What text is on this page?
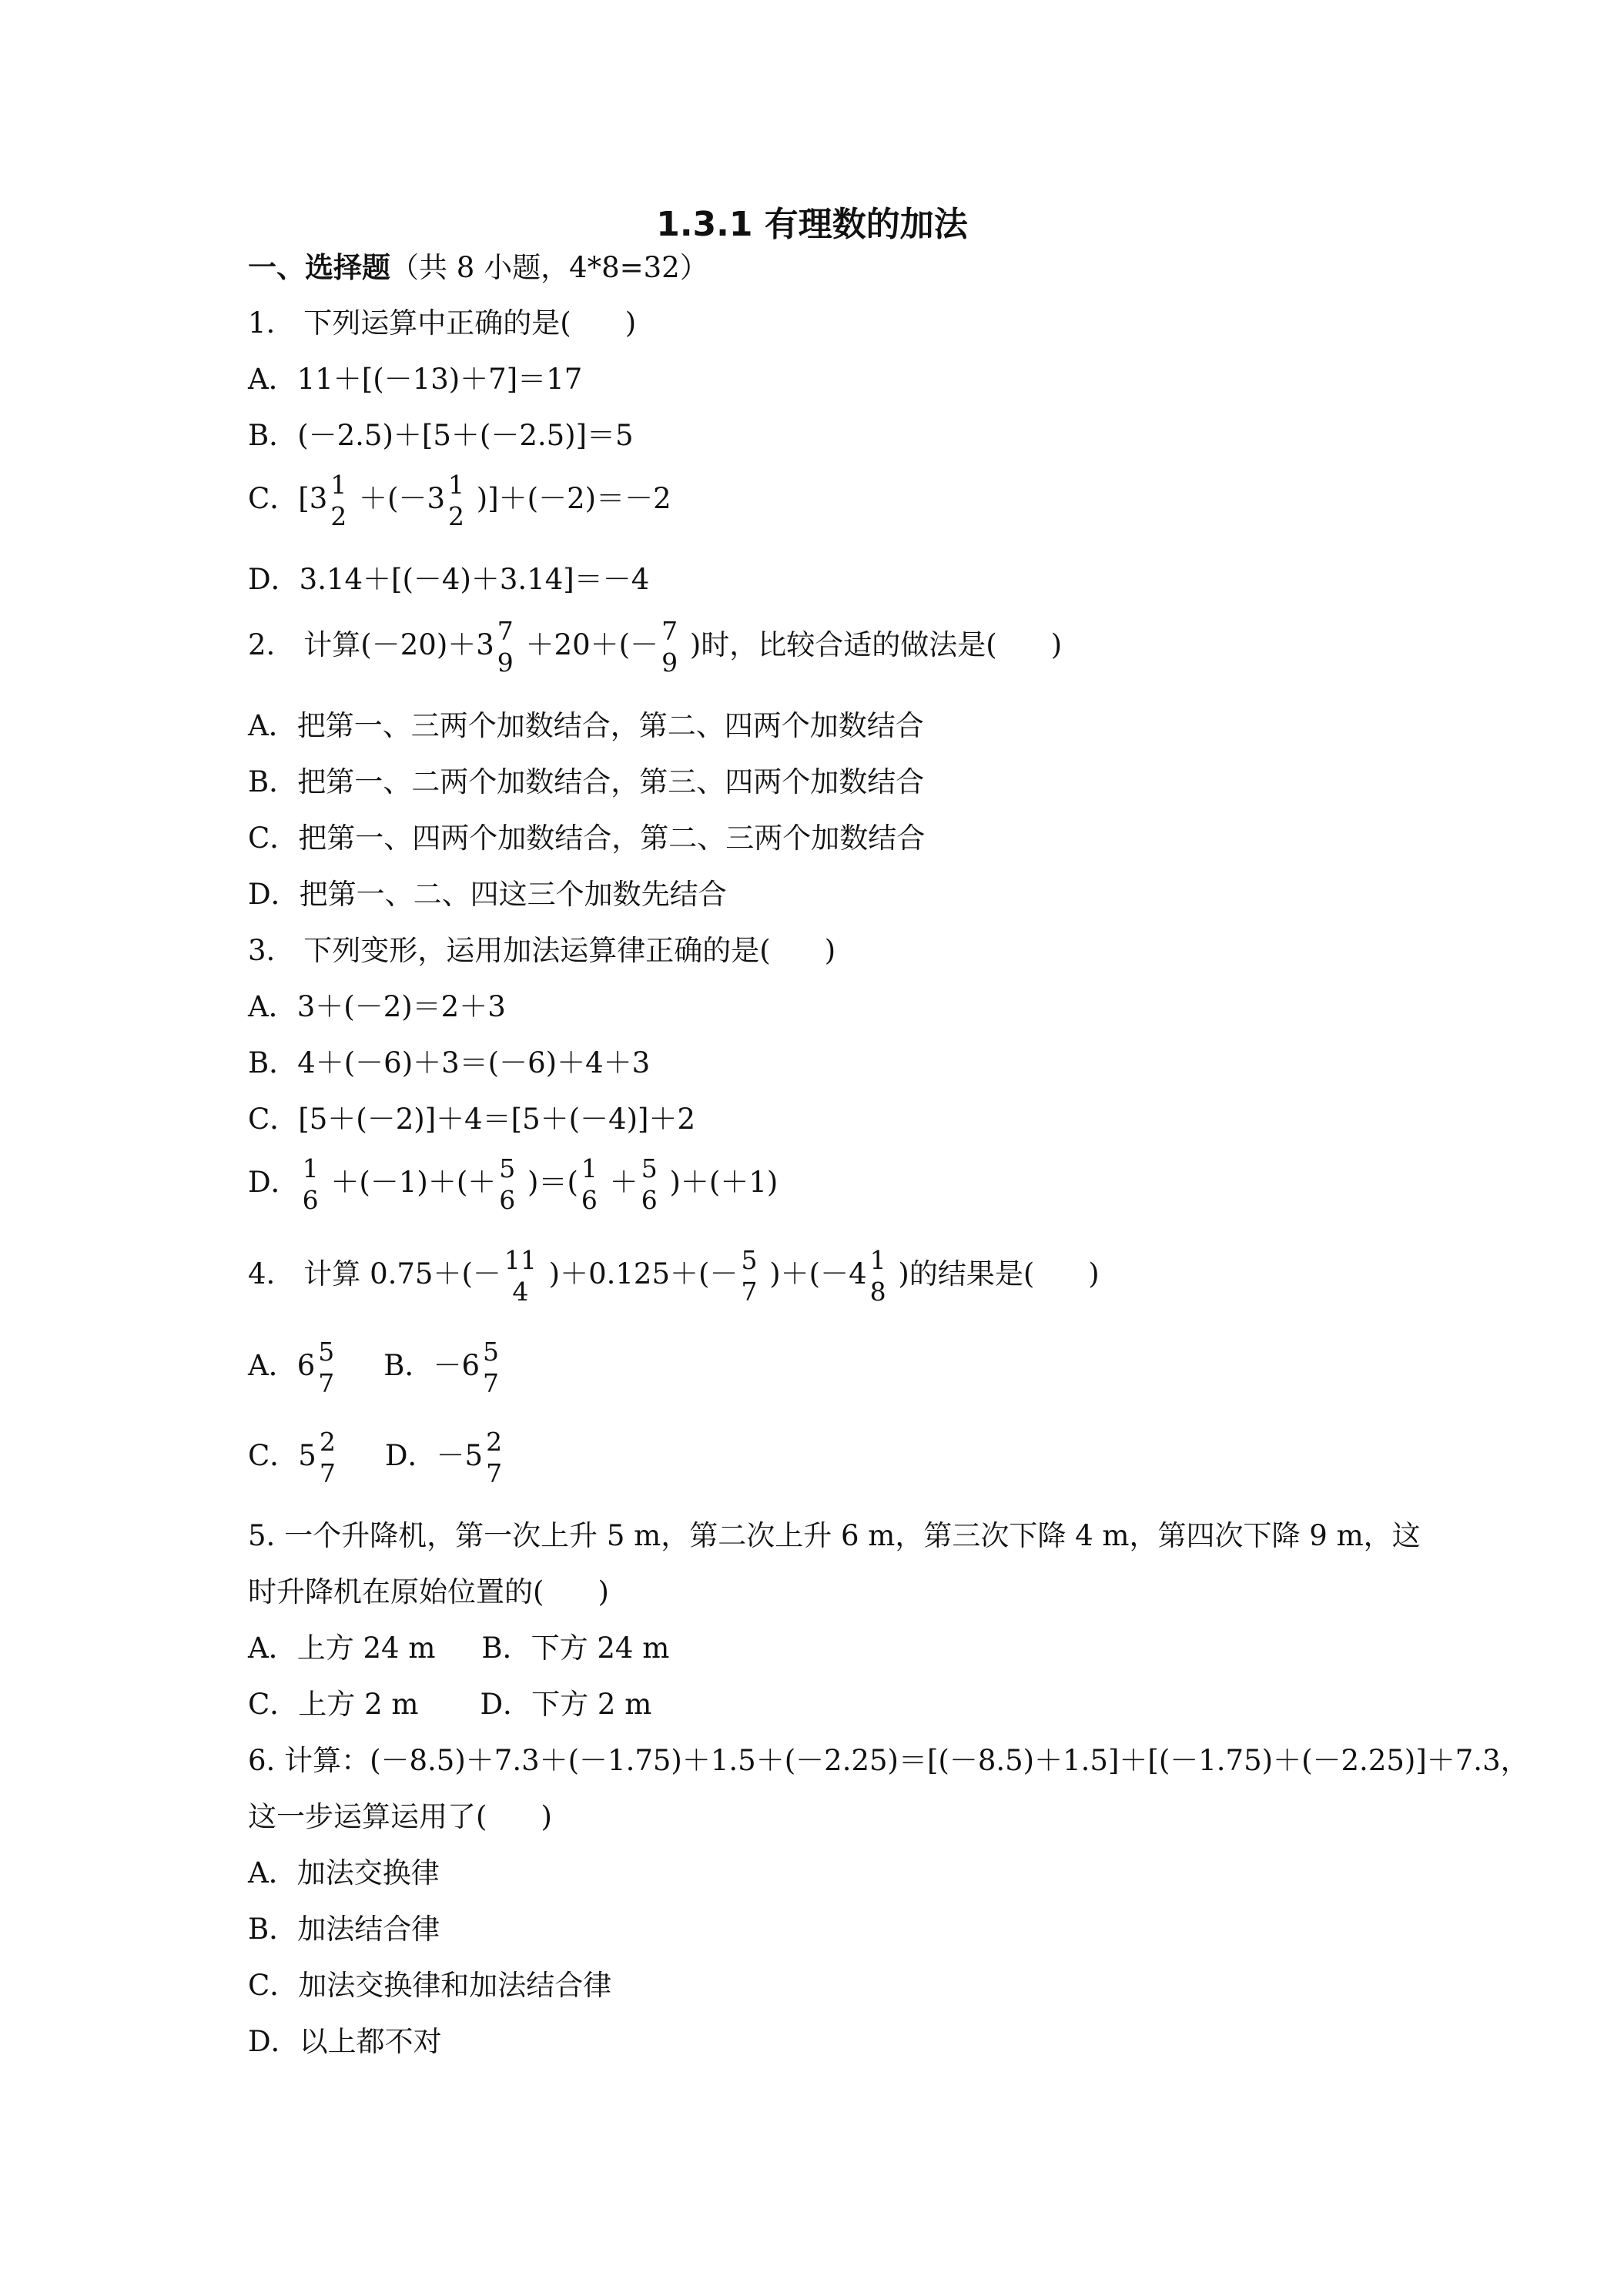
1.3.1 有理数的加法
一、选择题（共 8 小题，4*8=32）
1.　下列运算中正确的是( )
A．11＋[(－13)＋7]＝17
B．(－2.5)＋[5＋(－2.5)]＝5
C．[3 1
2
＋(－3 1
2
)]＋(－2)＝－2
D．3.14＋[(－4)＋3.14]＝－4
2.　计算(－20)＋3 7
9
＋20＋(－ 7
9
)时，比较合适的做法是( )
A．把第一、三两个加数结合，第二、四两个加数结合
B．把第一、二两个加数结合，第三、四两个加数结合
C．把第一、四两个加数结合，第二、三两个加数结合
D．把第一、二、四这三个加数先结合
3.　下列变形，运用加法运算律正确的是( )
A．3＋(－2)＝2＋3
B．4＋(－6)＋3＝(－6)＋4＋3
C．[5＋(－2)]＋4＝[5＋(－4)]＋2
D． 1
6
＋(－1)＋(＋ 5
6
)＝( 1
6
＋ 5
6
)＋(＋1)
4.　计算 0.75＋(－ 11
4
)＋0.125＋(－ 5
7
)＋(－4 1
8
)的结果是( )
A．6 5
7
B．－6 5
7
C．5 2
7
D．－5 2
7
5. 一个升降机，第一次上升 5 m，第二次上升 6 m，第三次下降 4 m，第四次下降 9 m，这
时升降机在原始位置的( )
A．上方 24 m B．下方 24 m
C．上方 2 m D．下方 2 m
6. 计算：(－8.5)＋7.3＋(－1.75)＋1.5＋(－2.25)＝[(－8.5)＋1.5]＋[(－1.75)＋(－2.25)]＋7.3，
这一步运算运用了( )
A．加法交换律
B．加法结合律
C．加法交换律和加法结合律
D．以上都不对
